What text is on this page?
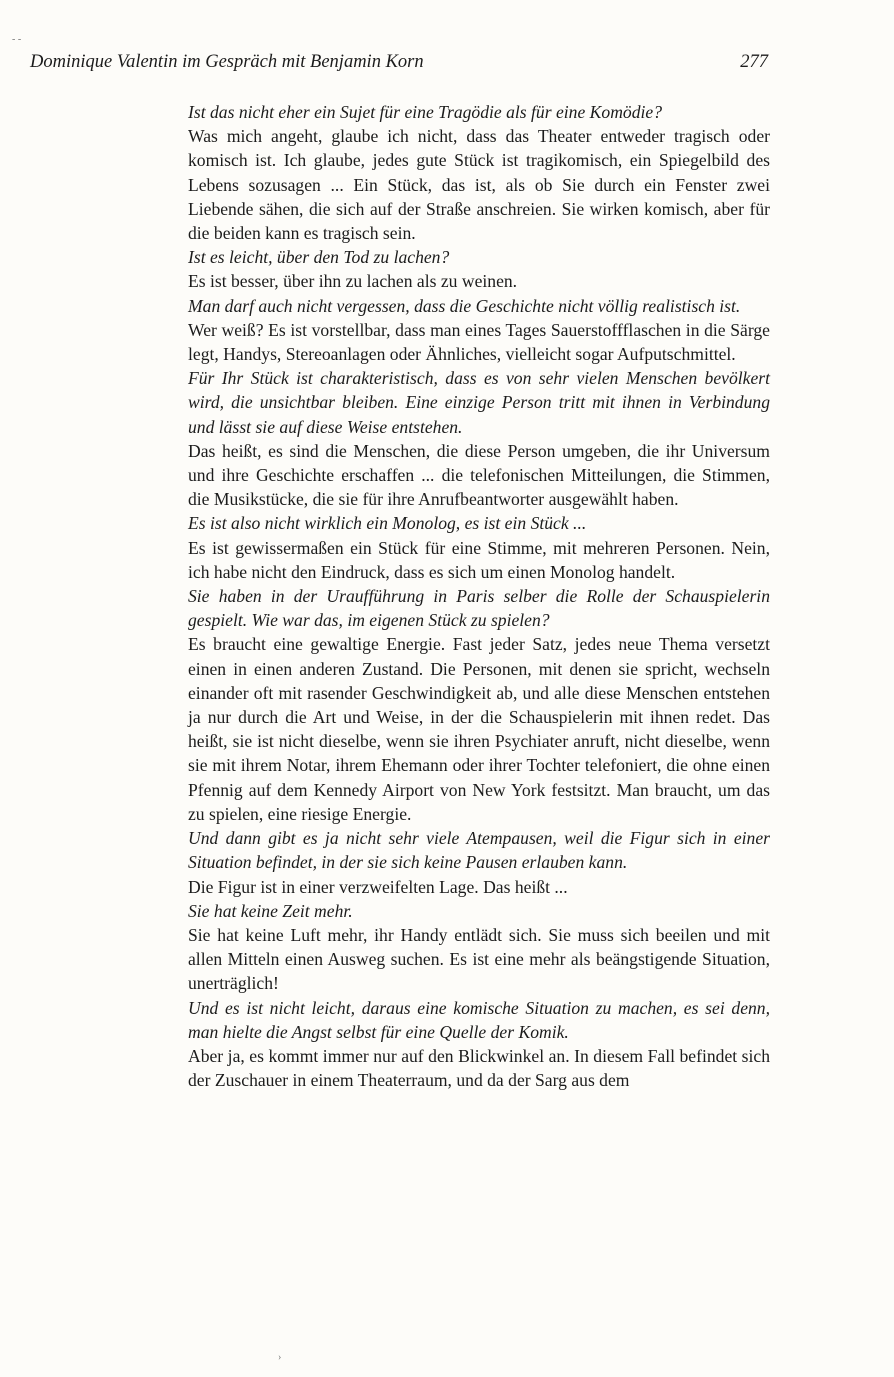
Dominique Valentin im Gespräch mit Benjamin Korn	277

Ist das nicht eher ein Sujet für eine Tragödie als für eine Komödie?

Was mich angeht, glaube ich nicht, dass das Theater entweder tragisch oder komisch ist. Ich glaube, jedes gute Stück ist tragikomisch, ein Spiegelbild des Lebens sozusagen ... Ein Stück, das ist, als ob Sie durch ein Fenster zwei Liebende sähen, die sich auf der Straße anschreien. Sie wirken komisch, aber für die beiden kann es tragisch sein.

Ist es leicht, über den Tod zu lachen?

Es ist besser, über ihn zu lachen als zu weinen.

Man darf auch nicht vergessen, dass die Geschichte nicht völlig realistisch ist.

Wer weiß? Es ist vorstellbar, dass man eines Tages Sauerstoffflaschen in die Särge legt, Handys, Stereoanlagen oder Ähnliches, vielleicht sogar Aufputschmittel.

Für Ihr Stück ist charakteristisch, dass es von sehr vielen Menschen bevölkert wird, die unsichtbar bleiben. Eine einzige Person tritt mit ihnen in Verbindung und lässt sie auf diese Weise entstehen.

Das heißt, es sind die Menschen, die diese Person umgeben, die ihr Universum und ihre Geschichte erschaffen ... die telefonischen Mitteilungen, die Stimmen, die Musikstücke, die sie für ihre Anrufbeantworter ausgewählt haben.

Es ist also nicht wirklich ein Monolog, es ist ein Stück ...

Es ist gewissermaßen ein Stück für eine Stimme, mit mehreren Personen. Nein, ich habe nicht den Eindruck, dass es sich um einen Monolog handelt.

Sie haben in der Uraufführung in Paris selber die Rolle der Schauspielerin gespielt. Wie war das, im eigenen Stück zu spielen?

Es braucht eine gewaltige Energie. Fast jeder Satz, jedes neue Thema versetzt einen in einen anderen Zustand. Die Personen, mit denen sie spricht, wechseln einander oft mit rasender Geschwindigkeit ab, und alle diese Menschen entstehen ja nur durch die Art und Weise, in der die Schauspielerin mit ihnen redet. Das heißt, sie ist nicht dieselbe, wenn sie ihren Psychiater anruft, nicht dieselbe, wenn sie mit ihrem Notar, ihrem Ehemann oder ihrer Tochter telefoniert, die ohne einen Pfennig auf dem Kennedy Airport von New York festsitzt. Man braucht, um das zu spielen, eine riesige Energie.

Und dann gibt es ja nicht sehr viele Atempausen, weil die Figur sich in einer Situation befindet, in der sie sich keine Pausen erlauben kann.

Die Figur ist in einer verzweifelten Lage. Das heißt ...

Sie hat keine Zeit mehr.

Sie hat keine Luft mehr, ihr Handy entlädt sich. Sie muss sich beeilen und mit allen Mitteln einen Ausweg suchen. Es ist eine mehr als beängstigende Situation, unerträglich!

Und es ist nicht leicht, daraus eine komische Situation zu machen, es sei denn, man hielte die Angst selbst für eine Quelle der Komik.

Aber ja, es kommt immer nur auf den Blickwinkel an. In diesem Fall befindet sich der Zuschauer in einem Theaterraum, und da der Sarg aus dem

- -
›
